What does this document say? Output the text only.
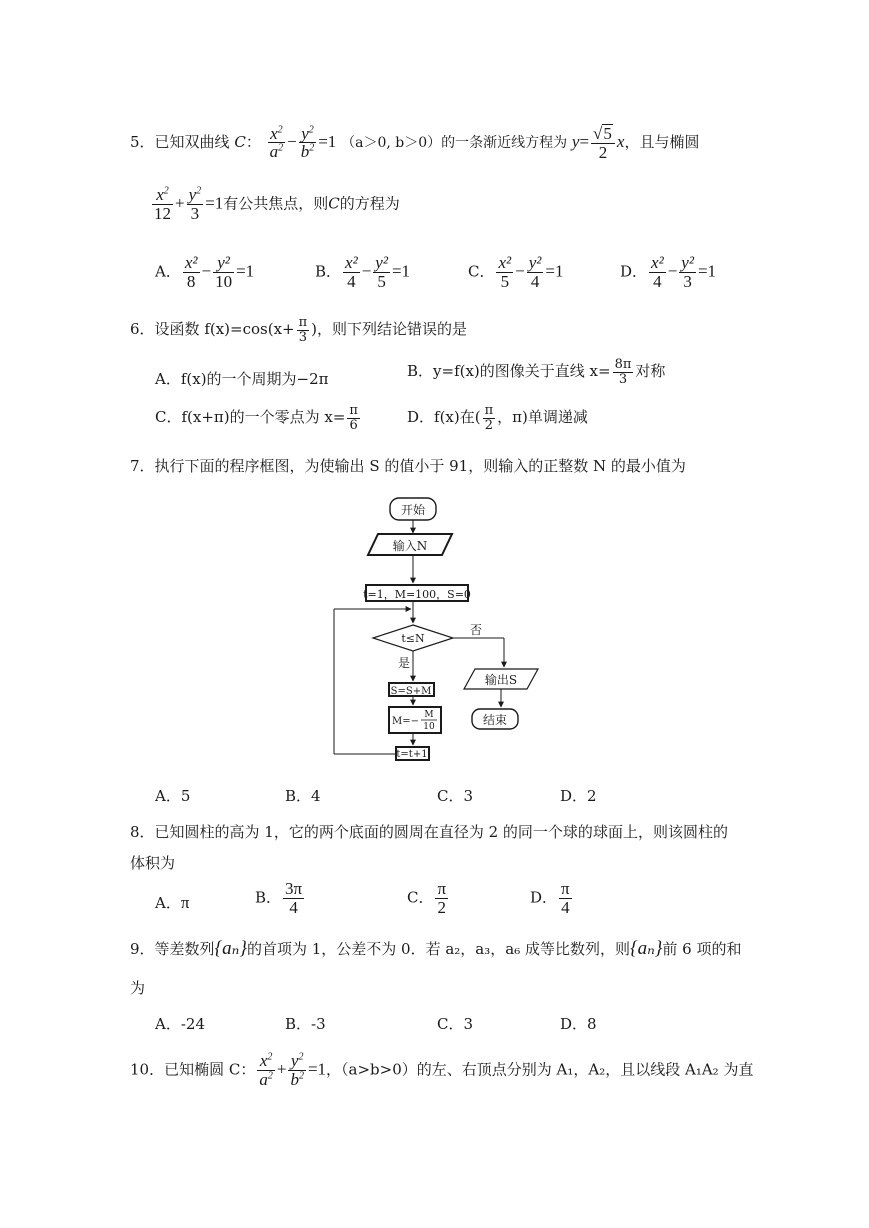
5．已知双曲线 C： $\frac{x^2}{a^2} - \frac{y^2}{b^2} =1$ （a＞0, b＞0）的一条渐近线方程为 $y= \frac{√5}{2}$ x，且与椭圆
$\frac{x^2}{12} + \frac{y^2}{3} =1$有公共焦点，则C的方程为
A． $\frac{\text{x²}}{8} - \frac{\text{y²}}{10} =1$	B． $\frac{\text{x²}}{4} - \frac{\text{y²}}{5} =1$	C． $\frac{\text{x²}}{5} - \frac{\text{y²}}{4} =1$	D． $\frac{\text{x²}}{4} - \frac{\text{y²}}{3} =1$
6．设函数 $f(x)=\cos(x+ \frac{\pi}{3}$ )，则下列结论错误的是
A．f(x)的一个周期为−2π	B．y=f(x)的图像关于直线 $x= \frac{8\pi}{3}$ 对称
C．f(x+π)的一个零点为 $x= \frac{\pi}{6}$	D．f(x)在( $\frac{\pi}{2}$ ，π)单调递减
7．执行下面的程序框图，为使输出 S 的值小于 91，则输入的正整数 N 的最小值为
开始
输入N
t=1，M=100，S=0
t≤N
否
输出S
结束
是
S=S+M
M=−
M
10
t=t+1
A．5	B．4	C．3	D．2
8．已知圆柱的高为 1，它的两个底面的圆周在直径为 2 的同一个球的球面上，则该圆柱的
体积为
A．π	B． $\frac{3\pi}{4}$	C． $\frac{\pi}{2}$	D． $\frac{\pi}{4}$
9．等差数列{aₙ}的首项为 1，公差不为 0．若 a₂，a₃，a₆ 成等比数列，则{aₙ}前 6 项的和
为
A．-24	B．-3	C．3	D．8
10．已知椭圆 C： $\frac{x^2}{a^2} + \frac{y^2}{b^2} =1$，（a>b>0）的左、右顶点分别为 A₁，A₂，且以线段 A₁A₂ 为直
